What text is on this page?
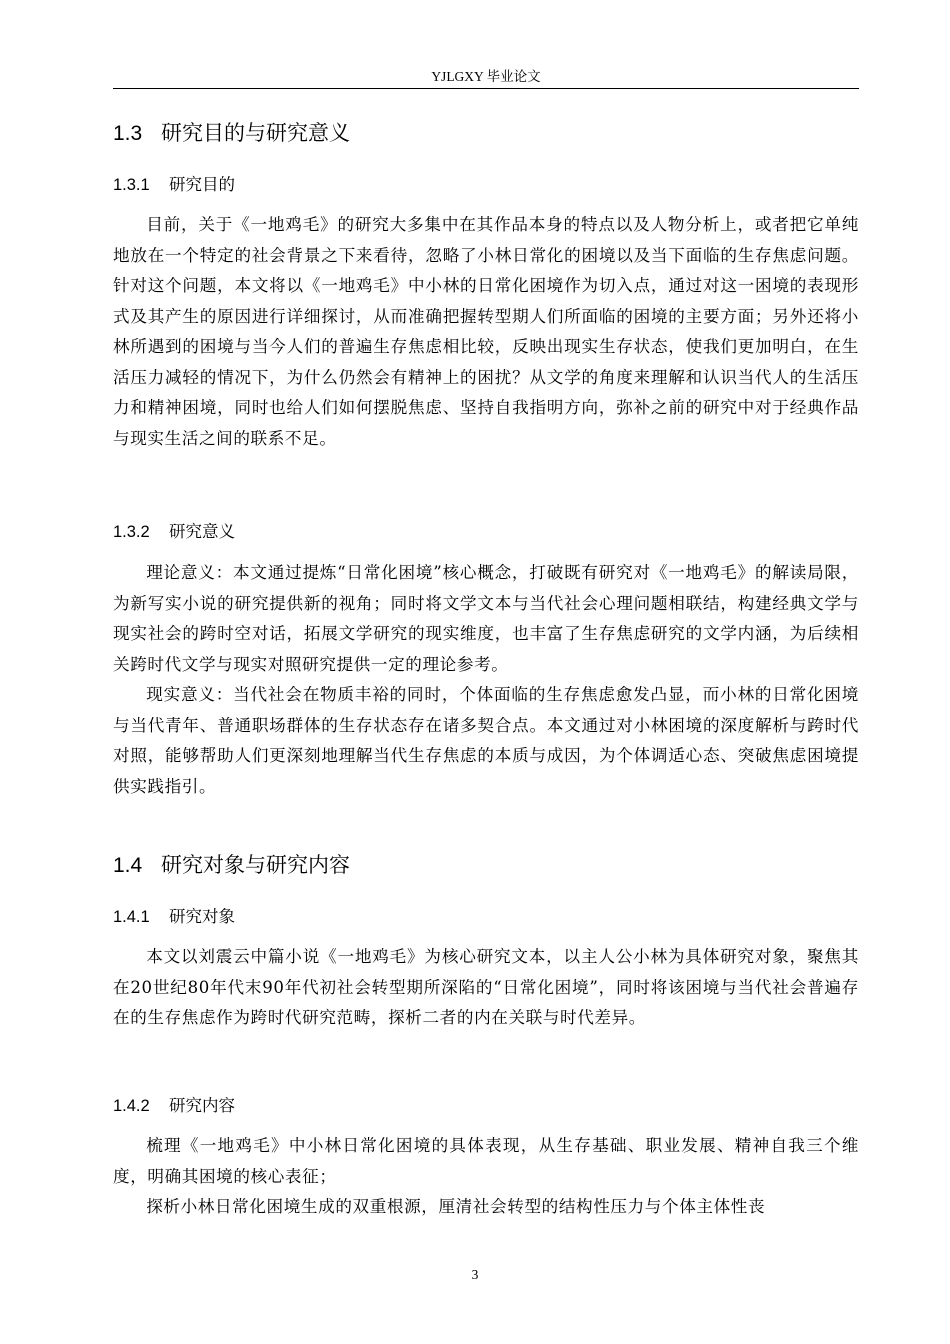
YJLGXY 毕业论文
1.3 研究目的与研究意义
1.3.1 研究目的

目前，关于《一地鸡毛》的研究大多集中在其作品本身的特点以及人物分析上，或者把它单纯地放在一个特定的社会背景之下来看待，忽略了小林日常化的困境以及当下面临的生存焦虑问题。针对这个问题，本文将以《一地鸡毛》中小林的日常化困境作为切入点，通过对这一困境的表现形式及其产生的原因进行详细探讨，从而准确把握转型期人们所面临的困境的主要方面；另外还将小林所遇到的困境与当今人们的普遍生存焦虑相比较，反映出现实生存状态，使我们更加明白，在生活压力减轻的情况下，为什么仍然会有精神上的困扰？从文学的角度来理解和认识当代人的生活压力和精神困境，同时也给人们如何摆脱焦虑、坚持自我指明方向，弥补之前的研究中对于经典作品与现实生活之间的联系不足。

1.3.2 研究意义

理论意义：本文通过提炼“日常化困境”核心概念，打破既有研究对《一地鸡毛》的解读局限，为新写实小说的研究提供新的视角；同时将文学文本与当代社会心理问题相联结，构建经典文学与现实社会的跨时空对话，拓展文学研究的现实维度，也丰富了生存焦虑研究的文学内涵，为后续相关跨时代文学与现实对照研究提供一定的理论参考。

现实意义：当代社会在物质丰裕的同时，个体面临的生存焦虑愈发凸显，而小林的日常化困境与当代青年、普通职场群体的生存状态存在诸多契合点。本文通过对小林困境的深度解析与跨时代对照，能够帮助人们更深刻地理解当代生存焦虑的本质与成因，为个体调适心态、突破焦虑困境提供实践指引。

1.4 研究对象与研究内容
1.4.1 研究对象

本文以刘震云中篇小说《一地鸡毛》为核心研究文本，以主人公小林为具体研究对象，聚焦其在20世纪80年代末90年代初社会转型期所深陷的“日常化困境”，同时将该困境与当代社会普遍存在的生存焦虑作为跨时代研究范畴，探析二者的内在关联与时代差异。

1.4.2 研究内容

梳理《一地鸡毛》中小林日常化困境的具体表现，从生存基础、职业发展、精神自我三个维度，明确其困境的核心表征；

探析小林日常化困境生成的双重根源，厘清社会转型的结构性压力与个体主体性丧

3
